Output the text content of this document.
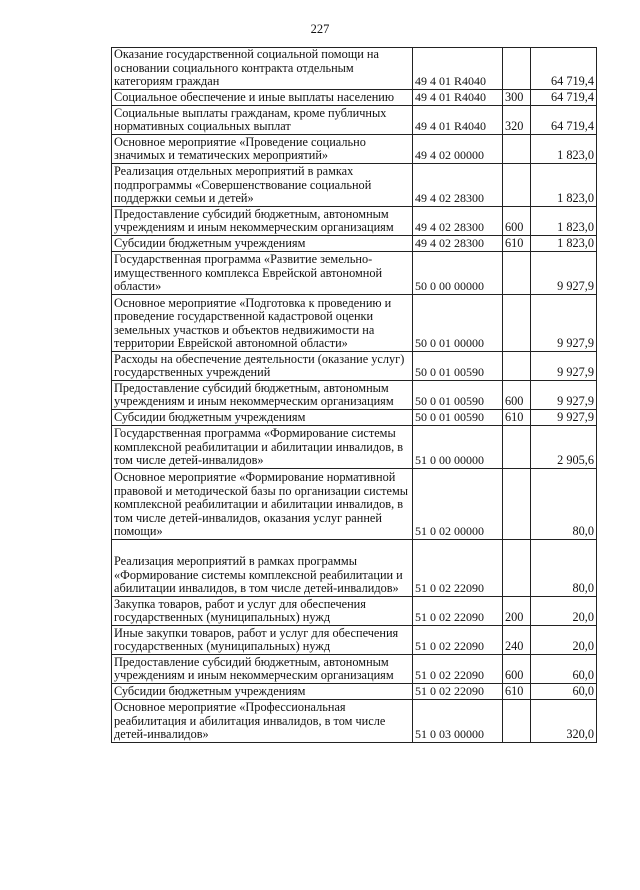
227
Оказание государственной социальной помощи на основании социального контракта отдельным категориям граждан	49 4 01 R4040		64 719,4
Социальное обеспечение и иные выплаты населению	49 4 01 R4040	300	64 719,4
Социальные выплаты гражданам, кроме публичных нормативных социальных выплат	49 4 01 R4040	320	64 719,4
Основное мероприятие «Проведение социально значимых и тематических мероприятий»	49 4 02 00000		1 823,0
Реализация отдельных мероприятий в рамках подпрограммы «Совершенствование социальной поддержки семьи и детей»	49 4 02 28300		1 823,0
Предоставление субсидий бюджетным, автономным учреждениям и иным некоммерческим организациям	49 4 02 28300	600	1 823,0
Субсидии бюджетным учреждениям	49 4 02 28300	610	1 823,0
Государственная программа «Развитие земельно-имущественного комплекса Еврейской автономной области»	50 0 00 00000		9 927,9
Основное мероприятие «Подготовка к проведению и проведение государственной кадастровой оценки земельных участков и объектов недвижимости на территории Еврейской автономной области»	50 0 01 00000		9 927,9
Расходы на обеспечение деятельности (оказание услуг) государственных учреждений	50 0 01 00590		9 927,9
Предоставление субсидий бюджетным, автономным учреждениям и иным некоммерческим организациям	50 0 01 00590	600	9 927,9
Субсидии бюджетным учреждениям	50 0 01 00590	610	9 927,9
Государственная программа «Формирование системы комплексной реабилитации и абилитации инвалидов, в том числе детей-инвалидов»	51 0 00 00000		2 905,6
Основное мероприятие «Формирование нормативной правовой и методической базы по организации системы комплексной реабилитации и абилитации инвалидов, в том числе детей-инвалидов, оказания услуг ранней помощи»	51 0 02 00000		80,0
Реализация мероприятий в рамках программы «Формирование системы комплексной реабилитации и абилитации инвалидов, в том числе детей-инвалидов»	51 0 02 22090		80,0
Закупка товаров, работ и услуг для обеспечения государственных (муниципальных) нужд	51 0 02 22090	200	20,0
Иные закупки товаров, работ и услуг для обеспечения государственных (муниципальных) нужд	51 0 02 22090	240	20,0
Предоставление субсидий бюджетным, автономным учреждениям и иным некоммерческим организациям	51 0 02 22090	600	60,0
Субсидии бюджетным учреждениям	51 0 02 22090	610	60,0
Основное мероприятие «Профессиональная реабилитация и абилитация инвалидов, в том числе детей-инвалидов»	51 0 03 00000		320,0
